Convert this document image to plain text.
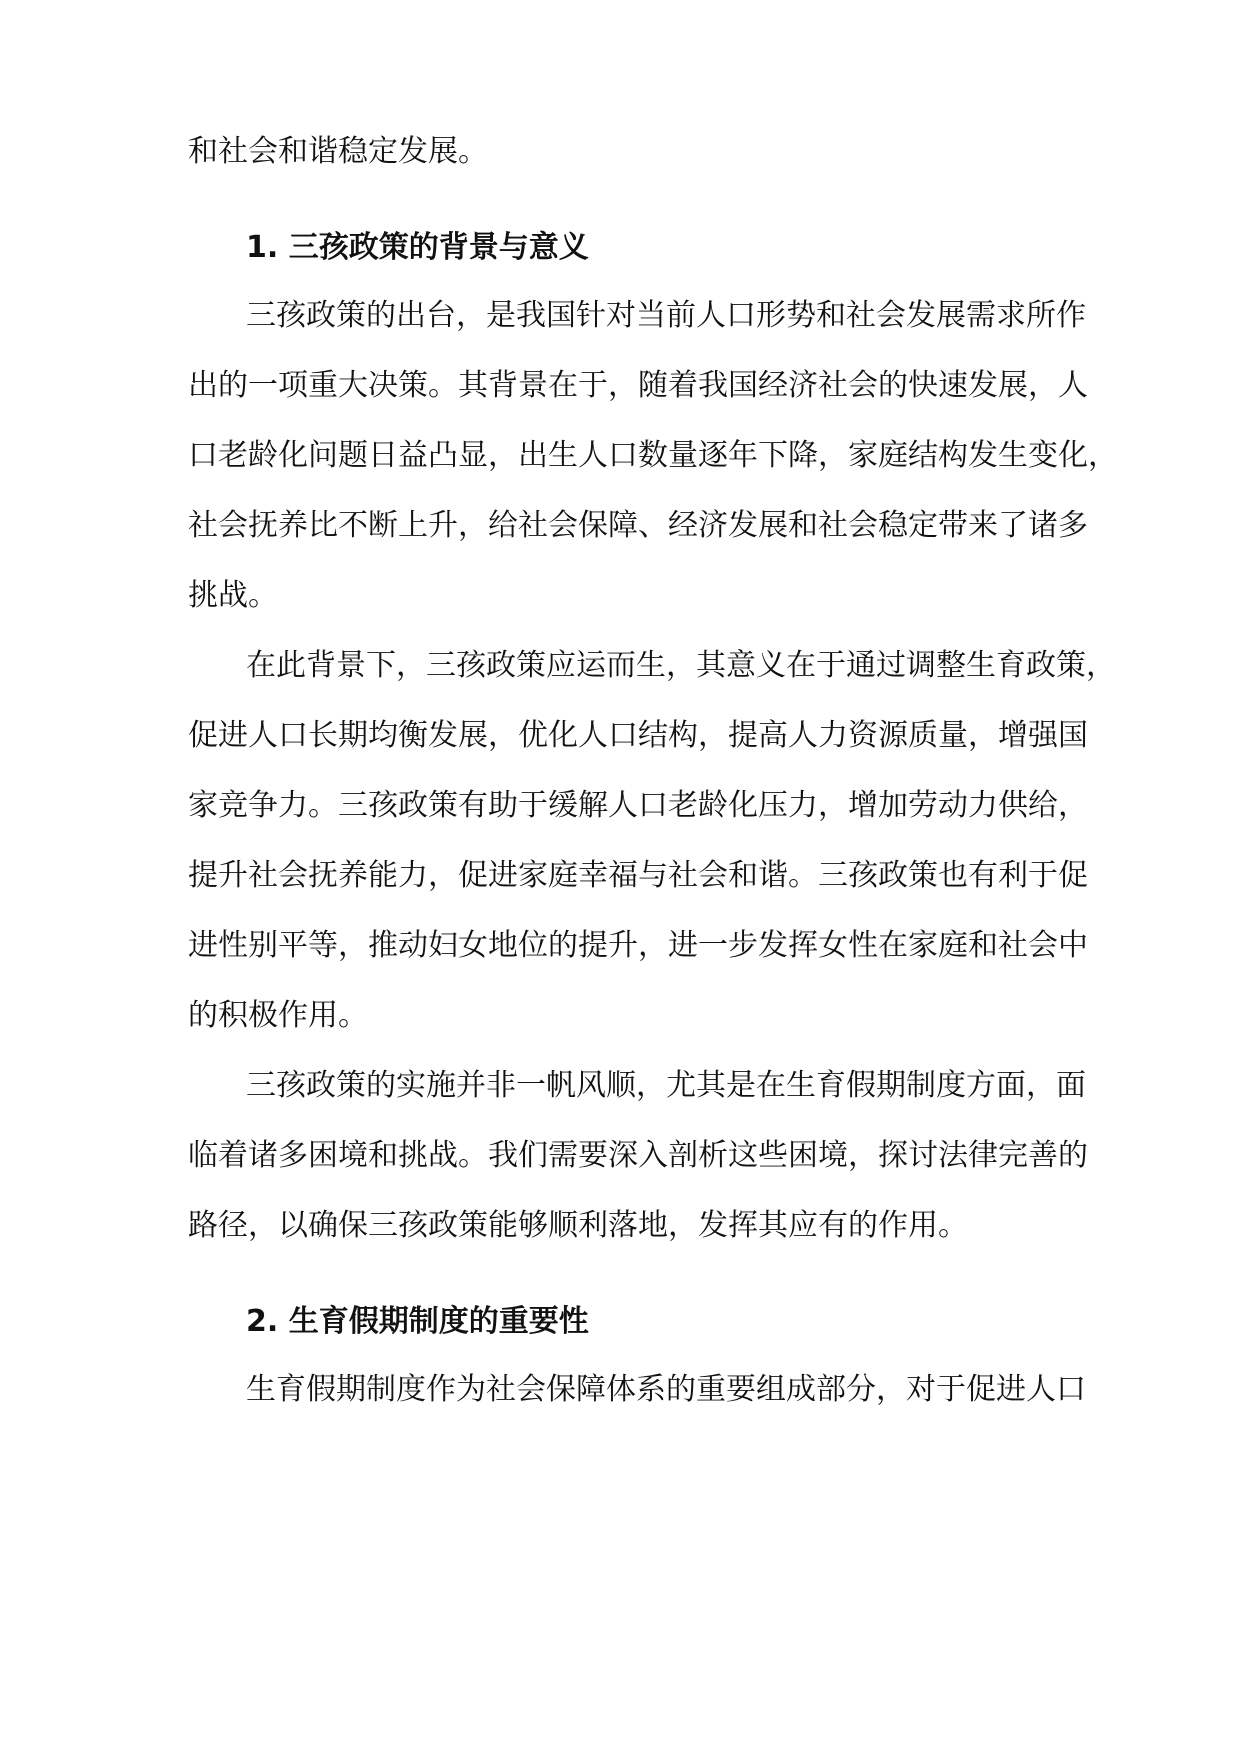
和社会和谐稳定发展。
1. 三孩政策的背景与意义
三孩政策的出台，是我国针对当前人口形势和社会发展需求所作
出的一项重大决策。其背景在于，随着我国经济社会的快速发展，人
口老龄化问题日益凸显，出生人口数量逐年下降，家庭结构发生变化，
社会抚养比不断上升，给社会保障、经济发展和社会稳定带来了诸多
挑战。
在此背景下，三孩政策应运而生，其意义在于通过调整生育政策，
促进人口长期均衡发展，优化人口结构，提高人力资源质量，增强国
家竞争力。三孩政策有助于缓解人口老龄化压力，增加劳动力供给，
提升社会抚养能力，促进家庭幸福与社会和谐。三孩政策也有利于促
进性别平等，推动妇女地位的提升，进一步发挥女性在家庭和社会中
的积极作用。
三孩政策的实施并非一帆风顺，尤其是在生育假期制度方面，面
临着诸多困境和挑战。我们需要深入剖析这些困境，探讨法律完善的
路径，以确保三孩政策能够顺利落地，发挥其应有的作用。
2. 生育假期制度的重要性
生育假期制度作为社会保障体系的重要组成部分，对于促进人口
